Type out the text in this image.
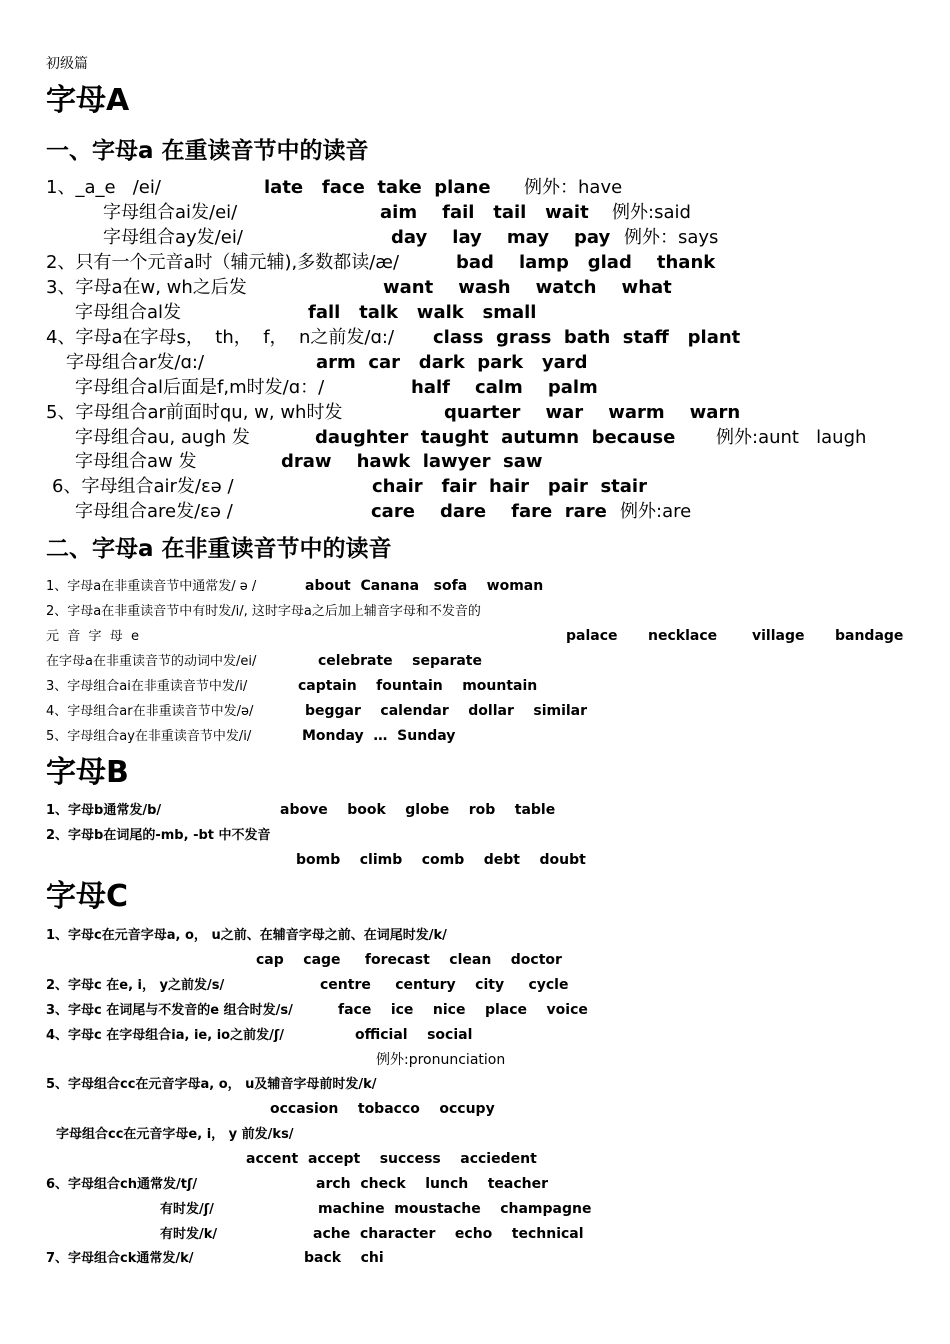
初级篇
字母A
一、字母a 在重读音节中的读音
1、_a_e   /ei/	late   face  take  plane 例外：have
字母组合ai发/ei/	aim    fail   tail   wait 例外:said
字母组合ay发/ei/	day    lay    may    pay 例外：says
2、只有一个元音a时（辅元辅),多数都读/æ/	bad    lamp   glad    thank
3、字母a在w, wh之后发	want    wash    watch    what
字母组合al发	fall   talk   walk   small
4、字母a在字母s，  th，  f，  n之前发/ɑ:/ class  grass  bath  staff   plant
字母组合ar发/ɑ:/	arm  car   dark  park   yard
字母组合al后面是f,m时发/ɑ：/	half    calm    palm
5、字母组合ar前面时qu, w, wh时发	quarter    war    warm    warn
字母组合au, augh 发	daughter  taught  autumn  because 例外:aunt   laugh
字母组合aw 发	draw    hawk  lawyer  saw
6、字母组合air发/εə /	chair   fair  hair   pair  stair
字母组合are发/εə /	care    dare    fare  rare 例外:are
二、字母a 在非重读音节中的读音
1、字母a在非重读音节中通常发/ ə /	about  Canana   sofa    woman
2、字母a在非重读音节中有时发/i/, 这时字母a之后加上辅音字母和不发音的
元  音  字  母  e	palace necklace village bandage
在字母a在非重读音节的动词中发/ei/	celebrate    separate
3、字母组合ai在非重读音节中发/i/	captain    fountain    mountain
4、字母组合ar在非重读音节中发/ə/	beggar    calendar    dollar    similar
5、字母组合ay在非重读音节中发/i/	Monday  …  Sunday
字母B
1、字母b通常发/b/	above    book    globe    rob    table
2、字母b在词尾的-mb, -bt 中不发音
bomb    climb    comb    debt    doubt
字母C
1、字母c在元音字母a, o， u之前、在辅音字母之前、在词尾时发/k/
cap    cage     forecast    clean    doctor
2、字母c 在e, i， y之前发/s/	centre     century    city     cycle
3、字母c 在词尾与不发音的e 组合时发/s/	face    ice    nice    place    voice
4、字母c 在字母组合ia, ie, io之前发/ʃ/	official    social
例外:pronunciation
5、字母组合cc在元音字母a, o， u及辅音字母前时发/k/
occasion    tobacco    occupy
字母组合cc在元音字母e, i， y 前发/ks/
accent  accept    success    acciedent
6、字母组合ch通常发/tʃ/	arch  check    lunch    teacher
有时发/ʃ/	machine  moustache    champagne
有时发/k/	ache  character    echo    technical
7、字母组合ck通常发/k/	back    chi
